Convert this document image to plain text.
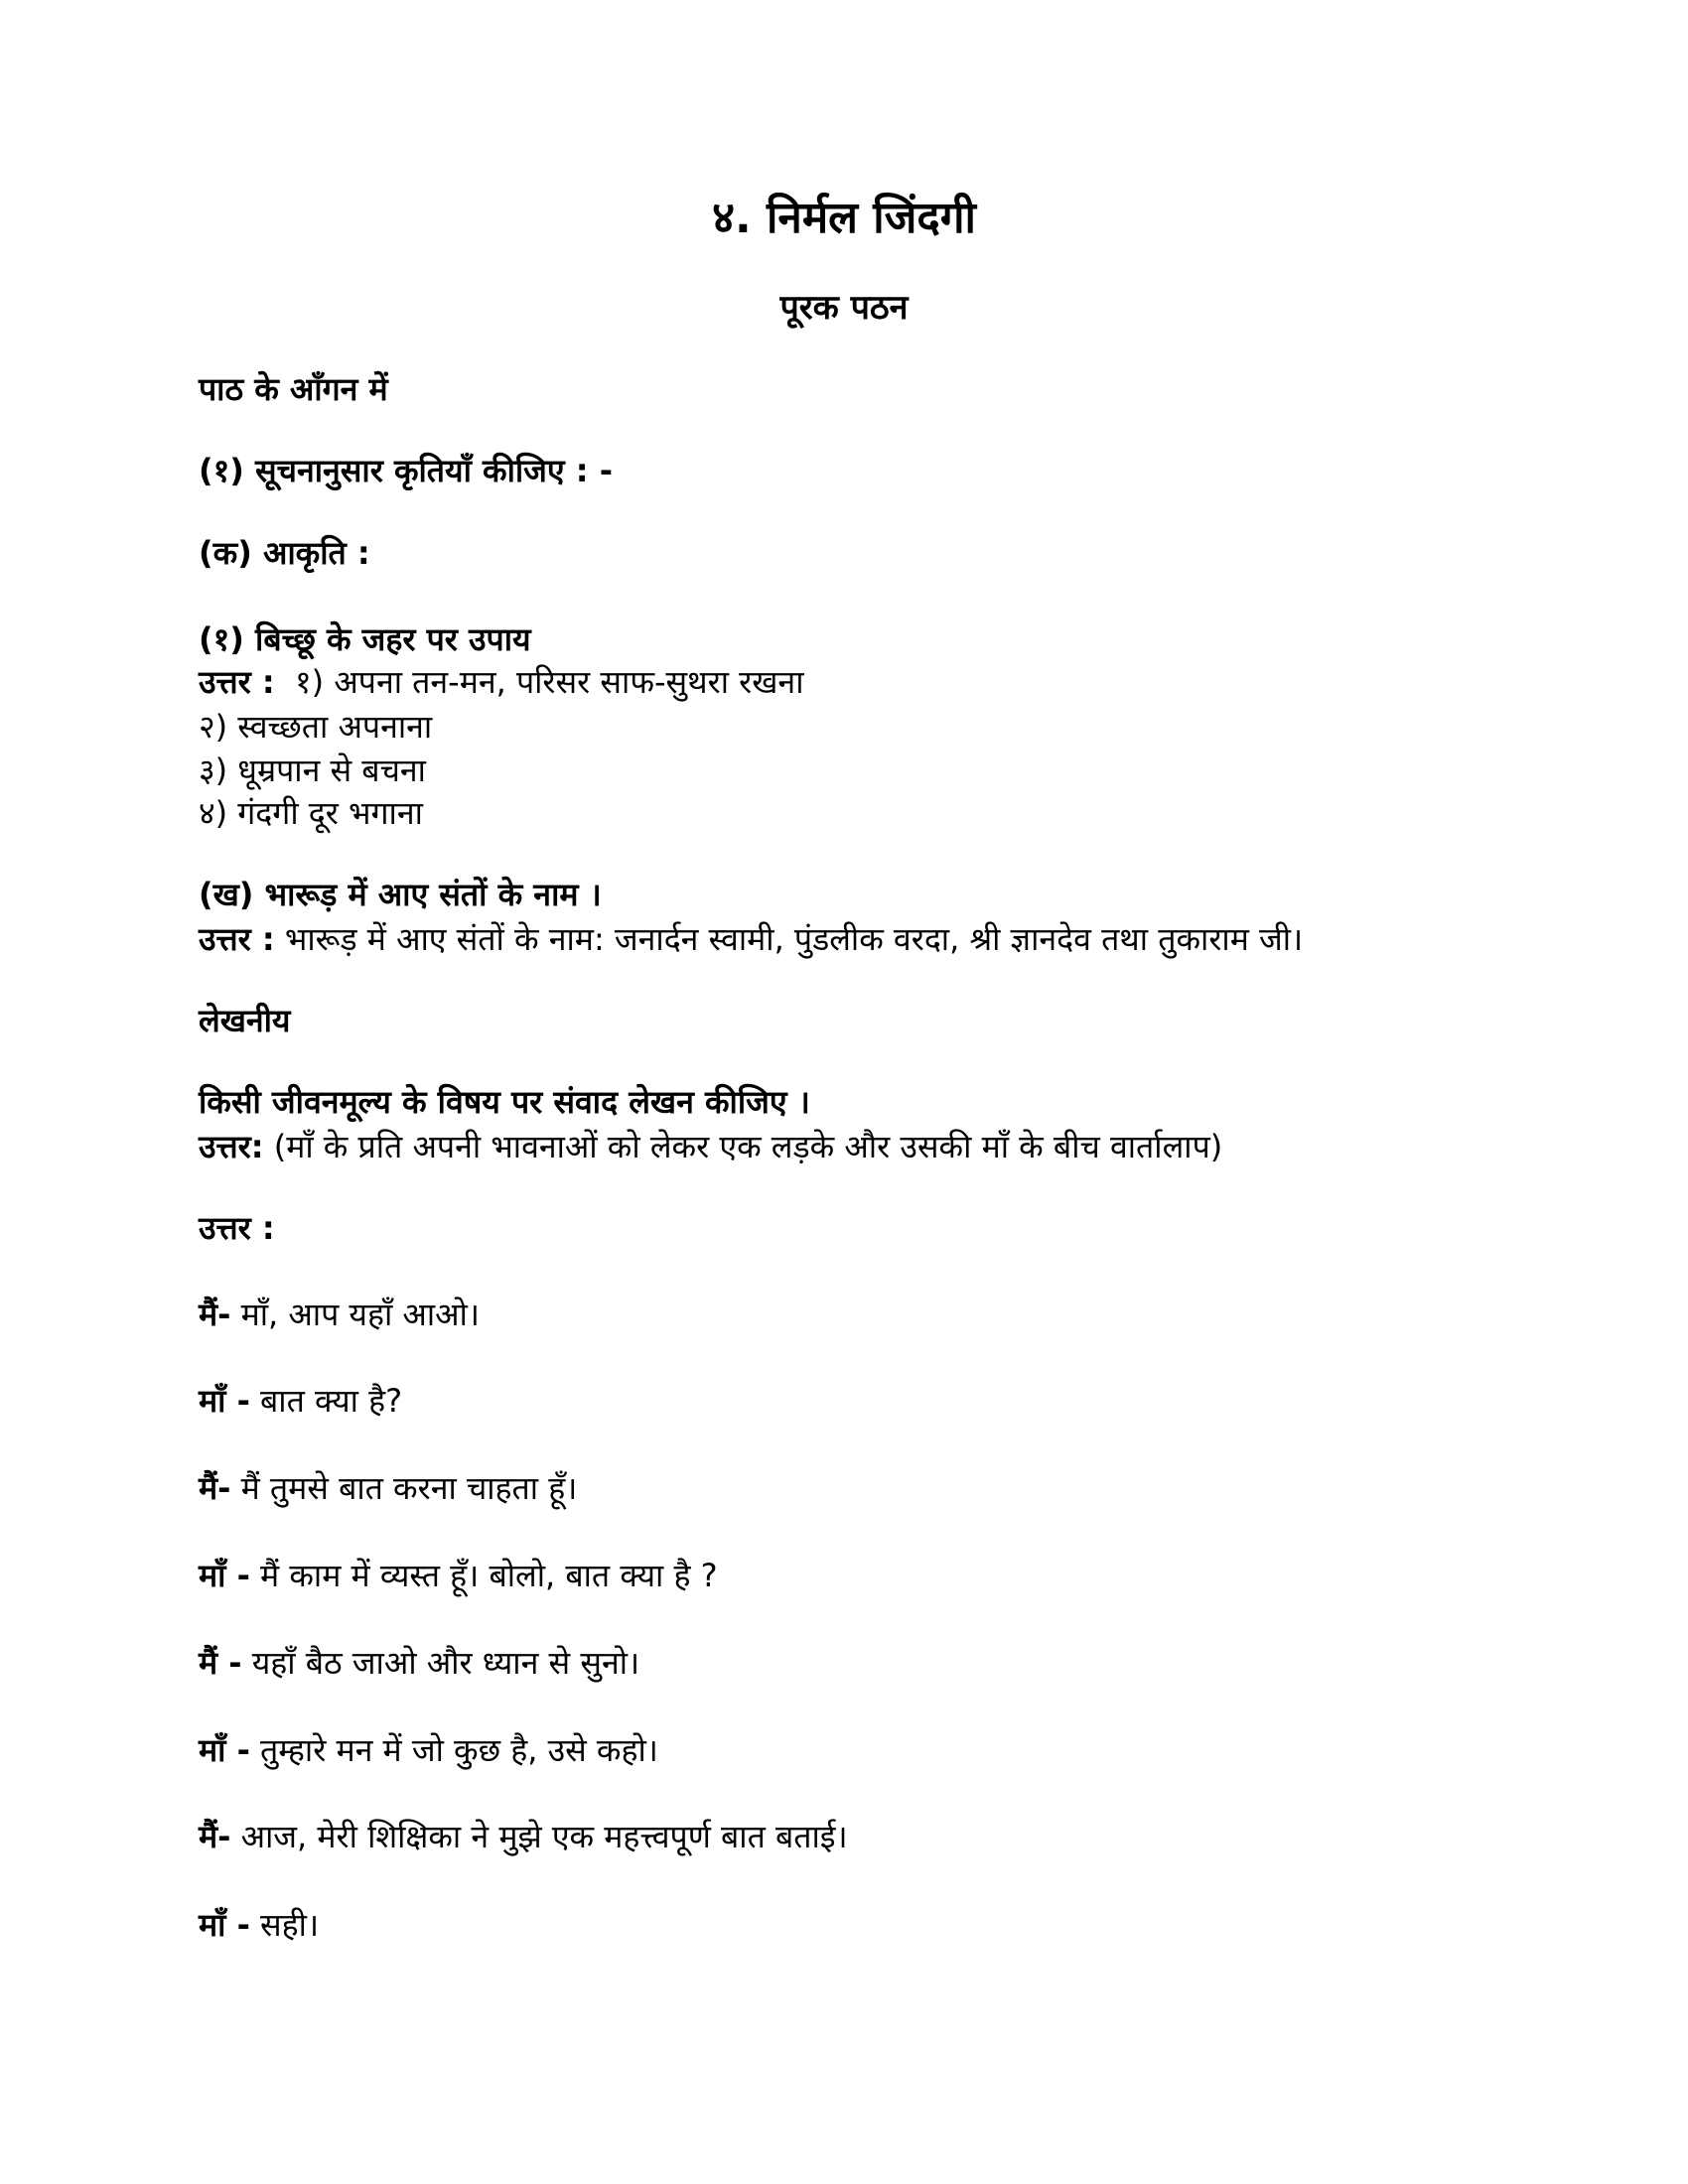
४. निर्मल जिंदगी
पूरक पठन
पाठ के आँगन में
(१) सूचनानुसार कृतियाँ कीजिए : -
(क) आकृति :
(१) बिच्छू के जहर पर उपाय
उत्तर : १) अपना तन-मन, परिसर साफ-सुथरा रखना
२) स्वच्छता अपनाना
३) धूम्रपान से बचना
४) गंदगी दूर भगाना
(ख) भारूड़ में आए संतों के नाम ।
उत्तर : भारूड़ में आए संतों के नाम: जनार्दन स्वामी, पुंडलीक वरदा, श्री ज्ञानदेव तथा तुकाराम जी।
लेखनीय
किसी जीवनमूल्य के विषय पर संवाद लेखन कीजिए ।
उत्तर: (माँ के प्रति अपनी भावनाओं को लेकर एक लड़के और उसकी माँ के बीच वार्तालाप)
उत्तर :
मैं- माँ, आप यहाँ आओ।
माँ - बात क्या है?
मैं- मैं तुमसे बात करना चाहता हूँ।
माँ - मैं काम में व्यस्त हूँ। बोलो, बात क्या है ?
मैं - यहाँ बैठ जाओ और ध्यान से सुनो।
माँ - तुम्हारे मन में जो कुछ है, उसे कहो।
मैं- आज, मेरी शिक्षिका ने मुझे एक महत्त्वपूर्ण बात बताई।
माँ - सही।
